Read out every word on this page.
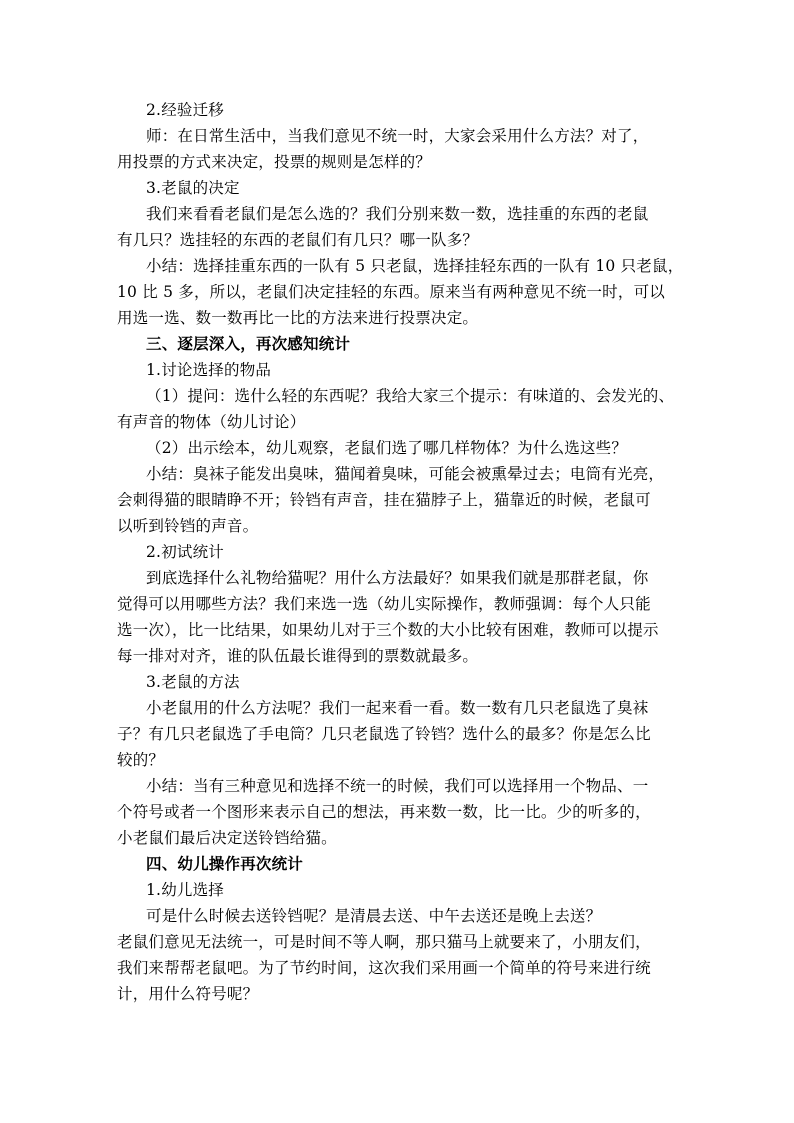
2.经验迁移
师：在日常生活中，当我们意见不统一时，大家会采用什么方法？对了，
用投票的方式来决定，投票的规则是怎样的？
3.老鼠的决定
我们来看看老鼠们是怎么选的？我们分别来数一数，选挂重的东西的老鼠
有几只？选挂轻的东西的老鼠们有几只？哪一队多？
小结：选择挂重东西的一队有 5 只老鼠，选择挂轻东西的一队有 10 只老鼠，
10 比 5 多，所以，老鼠们决定挂轻的东西。原来当有两种意见不统一时，可以
用选一选、数一数再比一比的方法来进行投票决定。
三、逐层深入，再次感知统计
1.讨论选择的物品
（1）提问：选什么轻的东西呢？我给大家三个提示：有味道的、会发光的、
有声音的物体（幼儿讨论）
（2）出示绘本，幼儿观察，老鼠们选了哪几样物体？为什么选这些？
小结：臭袜子能发出臭味，猫闻着臭味，可能会被熏晕过去；电筒有光亮，
会刺得猫的眼睛睁不开；铃铛有声音，挂在猫脖子上，猫靠近的时候，老鼠可
以听到铃铛的声音。
2.初试统计
到底选择什么礼物给猫呢？用什么方法最好？如果我们就是那群老鼠，你
觉得可以用哪些方法？我们来选一选（幼儿实际操作，教师强调：每个人只能
选一次），比一比结果，如果幼儿对于三个数的大小比较有困难，教师可以提示
每一排对对齐，谁的队伍最长谁得到的票数就最多。
3.老鼠的方法
小老鼠用的什么方法呢？我们一起来看一看。数一数有几只老鼠选了臭袜
子？有几只老鼠选了手电筒？几只老鼠选了铃铛？选什么的最多？你是怎么比
较的？
小结：当有三种意见和选择不统一的时候，我们可以选择用一个物品、一
个符号或者一个图形来表示自己的想法，再来数一数，比一比。少的听多的，
小老鼠们最后决定送铃铛给猫。
四、幼儿操作再次统计
1.幼儿选择
可是什么时候去送铃铛呢？是清晨去送、中午去送还是晚上去送？
老鼠们意见无法统一，可是时间不等人啊，那只猫马上就要来了，小朋友们，
我们来帮帮老鼠吧。为了节约时间，这次我们采用画一个简单的符号来进行统
计，用什么符号呢？
